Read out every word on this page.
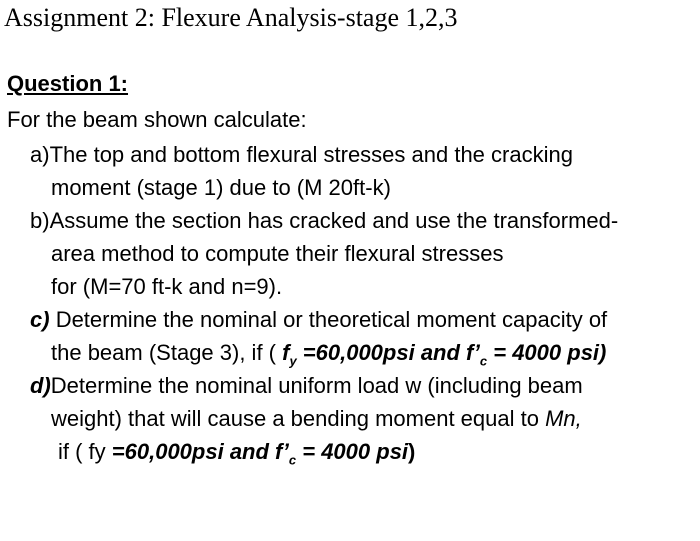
Assignment 2: Flexure Analysis-stage 1,2,3
Question 1:
For the beam shown calculate:
a)The top and bottom flexural stresses and the cracking
moment (stage 1) due to (M 20ft-k)
b)Assume the section has cracked and use the transformed-
area method to compute their flexural stresses
for (M=70 ft-k and n=9).
c) Determine the nominal or theoretical moment capacity of
the beam (Stage 3), if ( $f_y =60,000psi$ and $f’_c = 4000$ psi)
d)Determine the nominal uniform load w (including beam
weight) that will cause a bending moment equal to Mn,
if ( fy =60,000psi and $f’_c = 4000$ psi)
